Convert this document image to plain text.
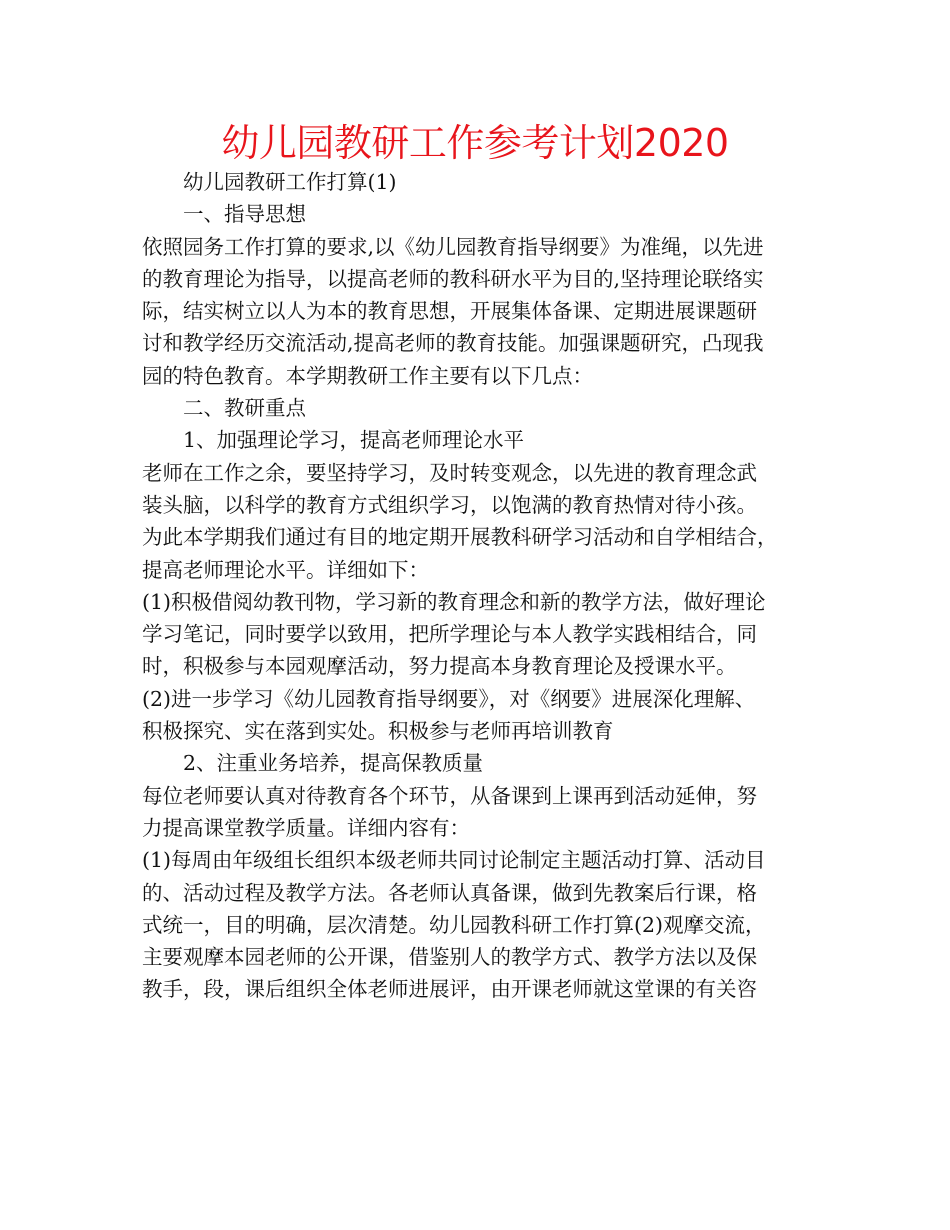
幼儿园教研工作参考计划2020
幼儿园教研工作打算(1)
一、指导思想
依照园务工作打算的要求,以《幼儿园教育指导纲要》为准绳，以先进
的教育理论为指导，以提高老师的教科研水平为目的,坚持理论联络实
际，结实树立以人为本的教育思想，开展集体备课、定期进展课题研
讨和教学经历交流活动,提高老师的教育技能。加强课题研究，凸现我
园的特色教育。本学期教研工作主要有以下几点：
二、教研重点
1、加强理论学习，提高老师理论水平
老师在工作之余，要坚持学习，及时转变观念，以先进的教育理念武
装头脑，以科学的教育方式组织学习，以饱满的教育热情对待小孩。
为此本学期我们通过有目的地定期开展教科研学习活动和自学相结合，
提高老师理论水平。详细如下：
(1)积极借阅幼教刊物，学习新的教育理念和新的教学方法，做好理论
学习笔记，同时要学以致用，把所学理论与本人教学实践相结合，同
时，积极参与本园观摩活动，努力提高本身教育理论及授课水平。
(2)进一步学习《幼儿园教育指导纲要》，对《纲要》进展深化理解、
积极探究、实在落到实处。积极参与老师再培训教育
2、注重业务培养，提高保教质量
每位老师要认真对待教育各个环节，从备课到上课再到活动延伸，努
力提高课堂教学质量。详细内容有：
(1)每周由年级组长组织本级老师共同讨论制定主题活动打算、活动目
的、活动过程及教学方法。各老师认真备课，做到先教案后行课，格
式统一，目的明确，层次清楚。幼儿园教科研工作打算(2)观摩交流，
主要观摩本园老师的公开课，借鉴别人的教学方式、教学方法以及保
教手，段，课后组织全体老师进展评，由开课老师就这堂课的有关咨
